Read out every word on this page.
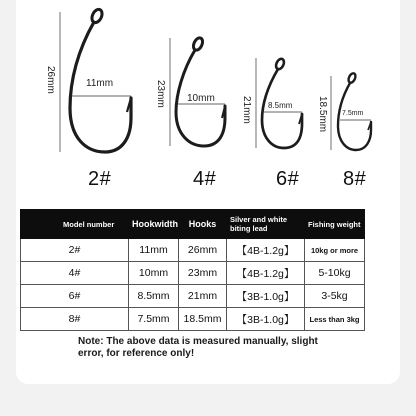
26mm	11mm	23mm 10mm	21mm 8.5mm 18.5mm 7.5mm
2#	4#	6# 8#
Model number	Hookwidth	Hooks	Silver and white biting lead	Fishing weight
2#	11mm	26mm	【4B-1.2g】	10kg or more
4#	10mm	23mm	【4B-1.2g】	5-10kg
6#	8.5mm	21mm	【3B-1.0g】	3-5kg
8#	7.5mm	18.5mm	【3B-1.0g】	Less than 3kg
Note: The above data is measured manually, slight error, for reference only!
